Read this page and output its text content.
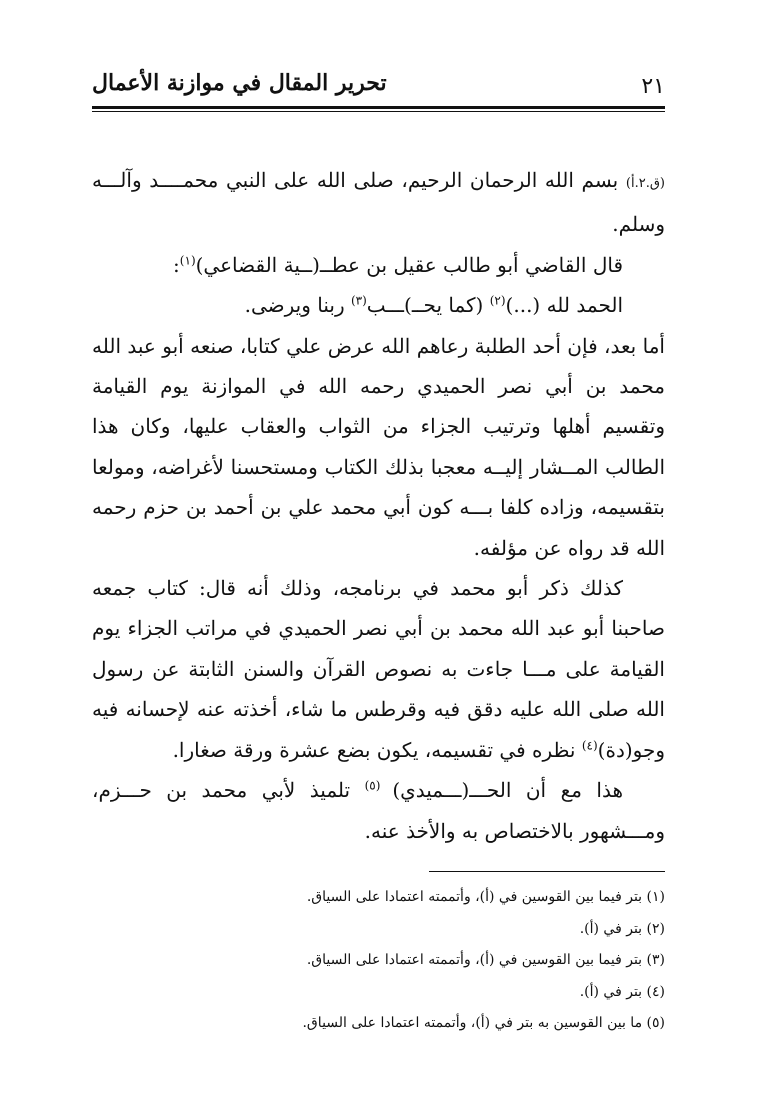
٢١
تحرير المقال في موازنة الأعمال

(ق.٢.أ) بسم الله الرحمان الرحيم، صلى الله على النبي محمــــد وآلـــه وسلم.

قال القاضي أبو طالب عقيل بن عطــ(ــية القضاعي)$^{(١)}$:

الحمد لله (...)$^{(٢)}$ (كما يحــ)ـــب$^{(٣)}$ ربنا ويرضى.

أما بعد، فإن أحد الطلبة رعاهم الله عرض علي كتابا، صنعه أبو عبد الله محمد بن أبي نصر الحميدي رحمه الله في الموازنة يوم القيامة وتقسيم أهلها وترتيب الجزاء من الثواب والعقاب عليها، وكان هذا الطالب المــشار إليــه معجبا بذلك الكتاب ومستحسنا لأغراضه، ومولعا بتقسيمه، وزاده كلفا بـــه كون أبي محمد علي بن أحمد بن حزم رحمه الله قد رواه عن مؤلفه.

كذلك ذكر أبو محمد في برنامجه، وذلك أنه قال: كتاب جمعه صاحبنا أبو عبد الله محمد بن أبي نصر الحميدي في مراتب الجزاء يوم القيامة على مـــا جاءت به نصوص القرآن والسنن الثابتة عن رسول الله صلى الله عليه دقق فيه وقرطس ما شاء، أخذته عنه لإحسانه فيه وجو(دة)$^{(٤)}$ نظره في تقسيمه، يكون بضع عشرة ورقة صغارا.

هذا مع أن الحـــ(ـــميدي) $^{(٥)}$ تلميذ لأبي محمد بن حـــزم، ومـــشهور بالاختصاص به والأخذ عنه.

(١) بتر فيما بين القوسين في (أ)، وأتممته اعتمادا على السياق.

(٢) بتر في (أ).

(٣) بتر فيما بين القوسين في (أ)، وأتممته اعتمادا على السياق.

(٤) بتر في (أ).

(٥) ما بين القوسين به بتر في (أ)، وأتممته اعتمادا على السياق.
